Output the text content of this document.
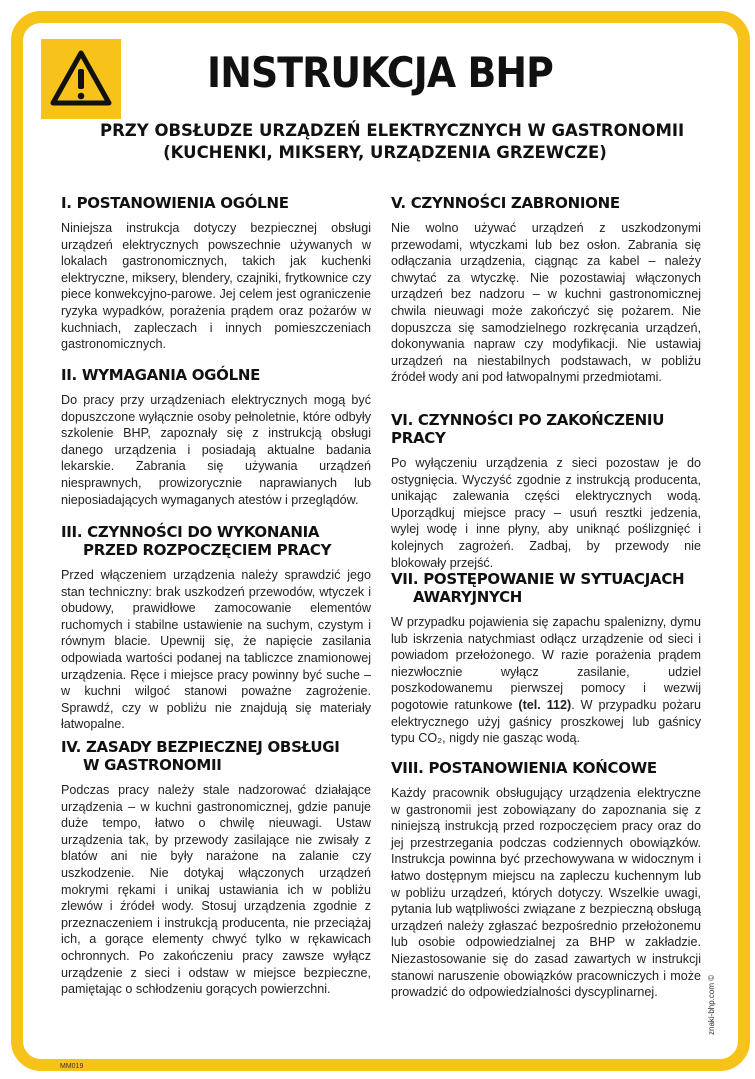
INSTRUKCJA BHP
PRZY OBSŁUDZE URZĄDZEŃ ELEKTRYCZNYCH W GASTRONOMII
(KUCHENKI, MIKSERY, URZĄDZENIA GRZEWCZE)
I. POSTANOWIENIA OGÓLNE

Niniejsza instrukcja dotyczy bezpiecznej obsługi urządzeń elektrycznych powszechnie używanych w lokalach gastronomicznych, takich jak kuchenki elektryczne, miksery, blendery, czajniki, frytkownice czy piece konwekcyjno-parowe. Jej celem jest ograniczenie ryzyka wypadków, porażenia prądem oraz pożarów w kuchniach, zapleczach i innych pomieszczeniach gastronomicznych.

II. WYMAGANIA OGÓLNE

Do pracy przy urządzeniach elektrycznych mogą być dopuszczone wyłącznie osoby pełnoletnie, które odbyły szkolenie BHP, zapoznały się z instrukcją obsługi danego urządzenia i posiadają aktualne badania lekarskie. Zabrania się używania urządzeń niesprawnych, prowizorycznie naprawianych lub nieposiadających wymaganych atestów i przeglądów.

III. CZYNNOŚCI DO WYKONANIA
PRZED ROZPOCZĘCIEM PRACY

Przed włączeniem urządzenia należy sprawdzić jego stan techniczny: brak uszkodzeń przewodów, wtyczek i obudowy, prawidłowe zamocowanie elementów ruchomych i stabilne ustawienie na suchym, czystym i równym blacie. Upewnij się, że napięcie zasilania odpowiada wartości podanej na tabliczce znamionowej urządzenia. Ręce i miejsce pracy powinny być suche – w kuchni wilgoć stanowi poważne zagrożenie. Sprawdź, czy w pobliżu nie znajdują się materiały łatwopalne.

IV. ZASADY BEZPIECZNEJ OBSŁUGI
W GASTRONOMII

Podczas pracy należy stale nadzorować działające urządzenia – w kuchni gastronomicznej, gdzie panuje duże tempo, łatwo o chwilę nieuwagi. Ustaw urządzenia tak, by przewody zasilające nie zwisały z blatów ani nie były narażone na zalanie czy uszkodzenie. Nie dotykaj włączonych urządzeń mokrymi rękami i unikaj ustawiania ich w pobliżu zlewów i źródeł wody. Stosuj urządzenia zgodnie z przeznaczeniem i instrukcją producenta, nie przeciążaj ich, a gorące elementy chwyć tylko w rękawicach ochronnych. Po zakończeniu pracy zawsze wyłącz urządzenie z sieci i odstaw w miejsce bezpieczne, pamiętając o schłodzeniu gorących powierzchni.

V. CZYNNOŚCI ZABRONIONE

Nie wolno używać urządzeń z uszkodzonymi przewodami, wtyczkami lub bez osłon. Zabrania się odłączania urządzenia, ciągnąc za kabel – należy chwytać za wtyczkę. Nie pozostawiaj włączonych urządzeń bez nadzoru – w kuchni gastronomicznej chwila nieuwagi może zakończyć się pożarem. Nie dopuszcza się samodzielnego rozkręcania urządzeń, dokonywania napraw czy modyfikacji. Nie ustawiaj urządzeń na niestabilnych podstawach, w pobliżu źródeł wody ani pod łatwopalnymi przedmiotami.

VI. CZYNNOŚCI PO ZAKOŃCZENIU PRACY

Po wyłączeniu urządzenia z sieci pozostaw je do ostygnięcia. Wyczyść zgodnie z instrukcją producenta, unikając zalewania części elektrycznych wodą. Uporządkuj miejsce pracy – usuń resztki jedzenia, wylej wodę i inne płyny, aby uniknąć poślizgnięć i kolejnych zagrożeń. Zadbaj, by przewody nie blokowały przejść.

VII. POSTĘPOWANIE W SYTUACJACH
AWARYJNYCH

W przypadku pojawienia się zapachu spalenizny, dymu lub iskrzenia natychmiast odłącz urządzenie od sieci i powiadom przełożonego. W razie porażenia prądem niezwłocznie wyłącz zasilanie, udziel poszkodowanemu pierwszej pomocy i wezwij pogotowie ratunkowe (tel. 112). W przypadku pożaru elektrycznego użyj gaśnicy proszkowej lub gaśnicy typu CO₂, nigdy nie gasząc wodą.

VIII. POSTANOWIENIA KOŃCOWE

Każdy pracownik obsługujący urządzenia elektryczne w gastronomii jest zobowiązany do zapoznania się z niniejszą instrukcją przed rozpoczęciem pracy oraz do jej przestrzegania podczas codziennych obowiązków. Instrukcja powinna być przechowywana w widocznym i łatwo dostępnym miejscu na zapleczu kuchennym lub w pobliżu urządzeń, których dotyczy. Wszelkie uwagi, pytania lub wątpliwości związane z bezpieczną obsługą urządzeń należy zgłaszać bezpośrednio przełożonemu lub osobie odpowiedzialnej za BHP w zakładzie. Niezastosowanie się do zasad zawartych w instrukcji stanowi naruszenie obowiązków pracowniczych i może prowadzić do odpowiedzialności dyscyplinarnej.

MM019
znaki-bhp.com ©
